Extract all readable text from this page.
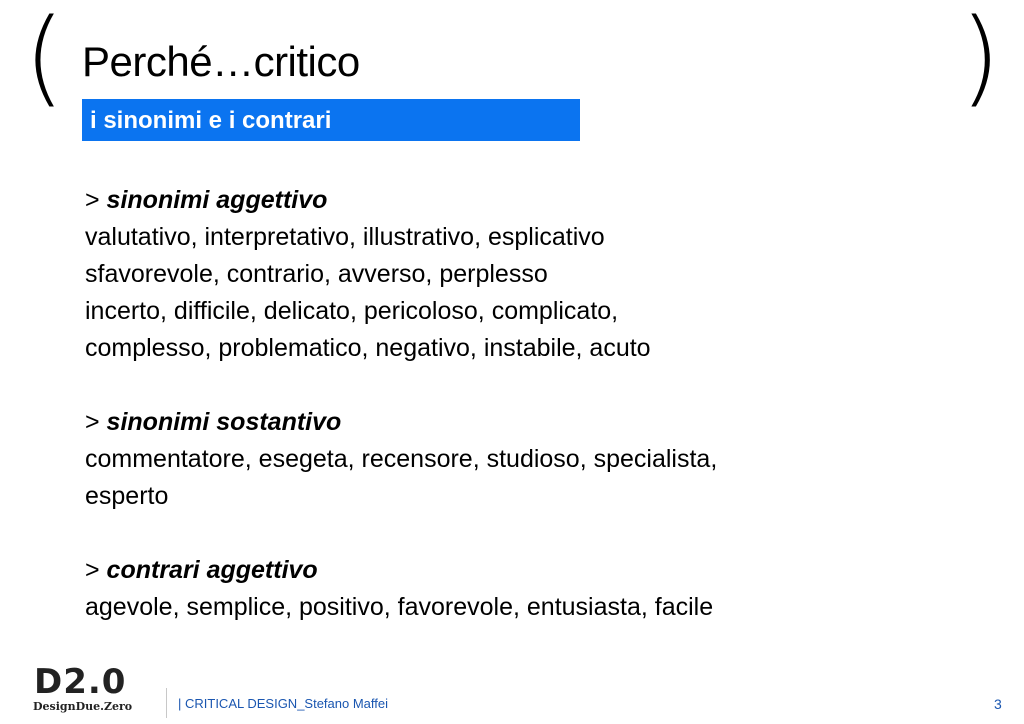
(	)
Perché…critico
i sinonimi e i contrari
> sinonimi aggettivo

valutativo, interpretativo, illustrativo, esplicativo

sfavorevole, contrario, avverso, perplesso

incerto, difficile, delicato, pericoloso, complicato,

complesso, problematico, negativo, instabile, acuto

> sinonimi sostantivo

commentatore, esegeta, recensore, studioso, specialista,

esperto

> contrari aggettivo

agevole, semplice, positivo, favorevole, entusiasta, facile

D2.0
DesignDue.Zero	| CRITICAL DESIGN_Stefano Maffei	3
